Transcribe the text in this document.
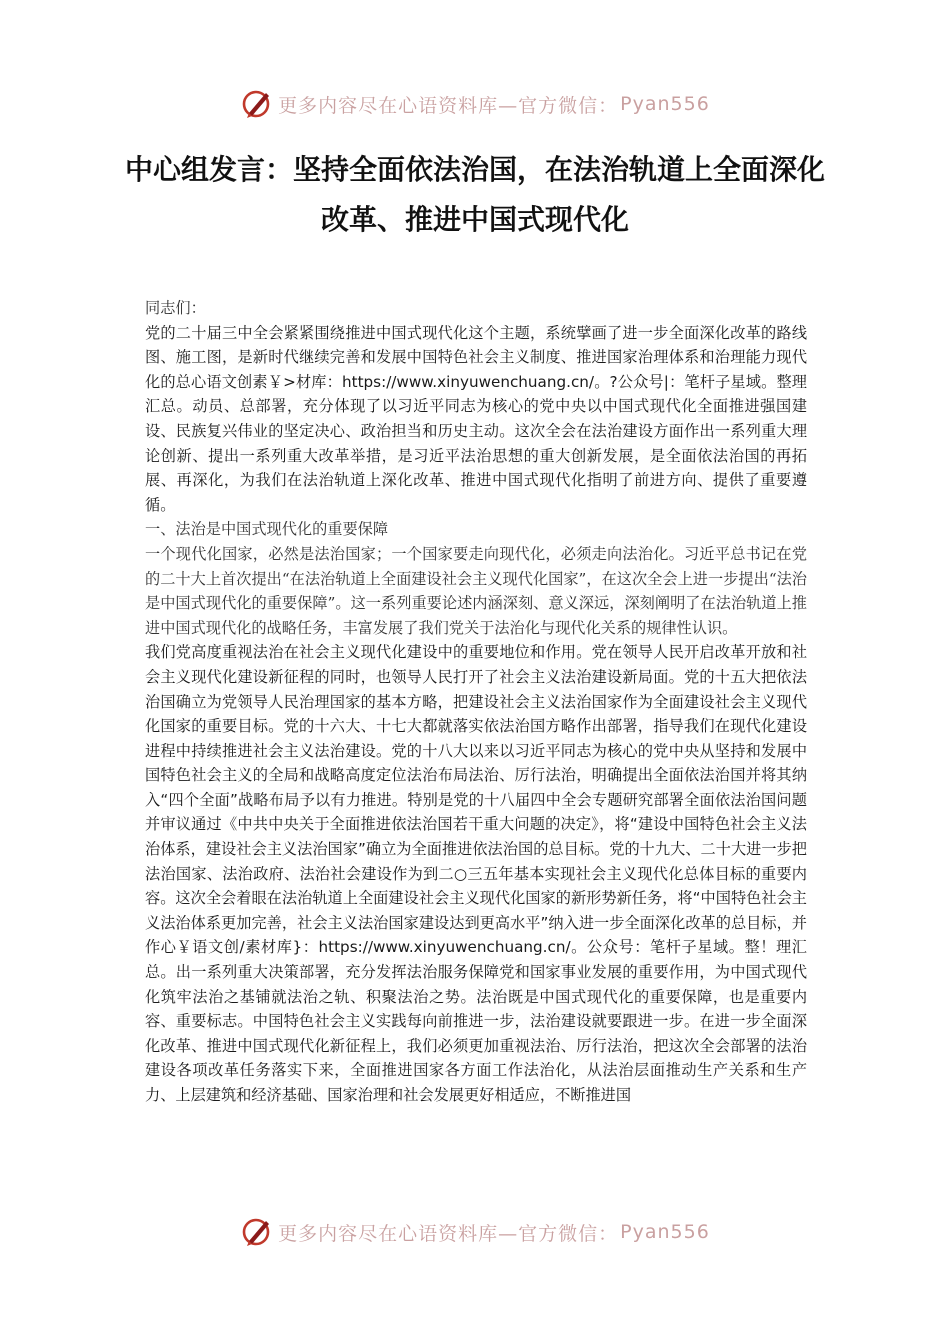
更多内容尽在心语资料库—官方微信： Pyan556
中心组发言：坚持全面依法治国，在法治轨道上全面深化改革、推进中国式现代化

同志们：

党的二十届三中全会紧紧围绕推进中国式现代化这个主题，系统擘画了进一步全面深化改革的路线图、施工图，是新时代继续完善和发展中国特色社会主义制度、推进国家治理体系和治理能力现代化的总心语文创素￥>材库：https://www.xinyuwenchuang.cn/。?公众号|：笔杆子星域。整理汇总。动员、总部署，充分体现了以习近平同志为核心的党中央以中国式现代化全面推进强国建设、民族复兴伟业的坚定决心、政治担当和历史主动。这次全会在法治建设方面作出一系列重大理论创新、提出一系列重大改革举措，是习近平法治思想的重大创新发展，是全面依法治国的再拓展、再深化，为我们在法治轨道上深化改革、推进中国式现代化指明了前进方向、提供了重要遵循。

一、法治是中国式现代化的重要保障

一个现代化国家，必然是法治国家；一个国家要走向现代化，必须走向法治化。习近平总书记在党的二十大上首次提出“在法治轨道上全面建设社会主义现代化国家”，在这次全会上进一步提出“法治是中国式现代化的重要保障”。这一系列重要论述内涵深刻、意义深远，深刻阐明了在法治轨道上推进中国式现代化的战略任务，丰富发展了我们党关于法治化与现代化关系的规律性认识。

我们党高度重视法治在社会主义现代化建设中的重要地位和作用。党在领导人民开启改革开放和社会主义现代化建设新征程的同时，也领导人民打开了社会主义法治建设新局面。党的十五大把依法治国确立为党领导人民治理国家的基本方略，把建设社会主义法治国家作为全面建设社会主义现代化国家的重要目标。党的十六大、十七大都就落实依法治国方略作出部署，指导我们在现代化建设进程中持续推进社会主义法治建设。党的十八大以来以习近平同志为核心的党中央从坚持和发展中国特色社会主义的全局和战略高度定位法治布局法治、厉行法治，明确提出全面依法治国并将其纳入“四个全面”战略布局予以有力推进。特别是党的十八届四中全会专题研究部署全面依法治国问题并审议通过《中共中央关于全面推进依法治国若干重大问题的决定》，将“建设中国特色社会主义法治体系，建设社会主义法治国家”确立为全面推进依法治国的总目标。党的十九大、二十大进一步把法治国家、法治政府、法治社会建设作为到二○三五年基本实现社会主义现代化总体目标的重要内容。这次全会着眼在法治轨道上全面建设社会主义现代化国家的新形势新任务，将“中国特色社会主义法治体系更加完善，社会主义法治国家建设达到更高水平”纳入进一步全面深化改革的总目标，并作心￥语文创/素材库}：https://www.xinyuwenchuang.cn/。公众号：笔杆子星域。整！理汇总。出一系列重大决策部署，充分发挥法治服务保障党和国家事业发展的重要作用，为中国式现代化筑牢法治之基铺就法治之轨、积聚法治之势。法治既是中国式现代化的重要保障，也是重要内容、重要标志。中国特色社会主义实践每向前推进一步，法治建设就要跟进一步。在进一步全面深化改革、推进中国式现代化新征程上，我们必须更加重视法治、厉行法治，把这次全会部署的法治建设各项改革任务落实下来，全面推进国家各方面工作法治化，从法治层面推动生产关系和生产力、上层建筑和经济基础、国家治理和社会发展更好相适应，不断推进国

更多内容尽在心语资料库—官方微信： Pyan556
